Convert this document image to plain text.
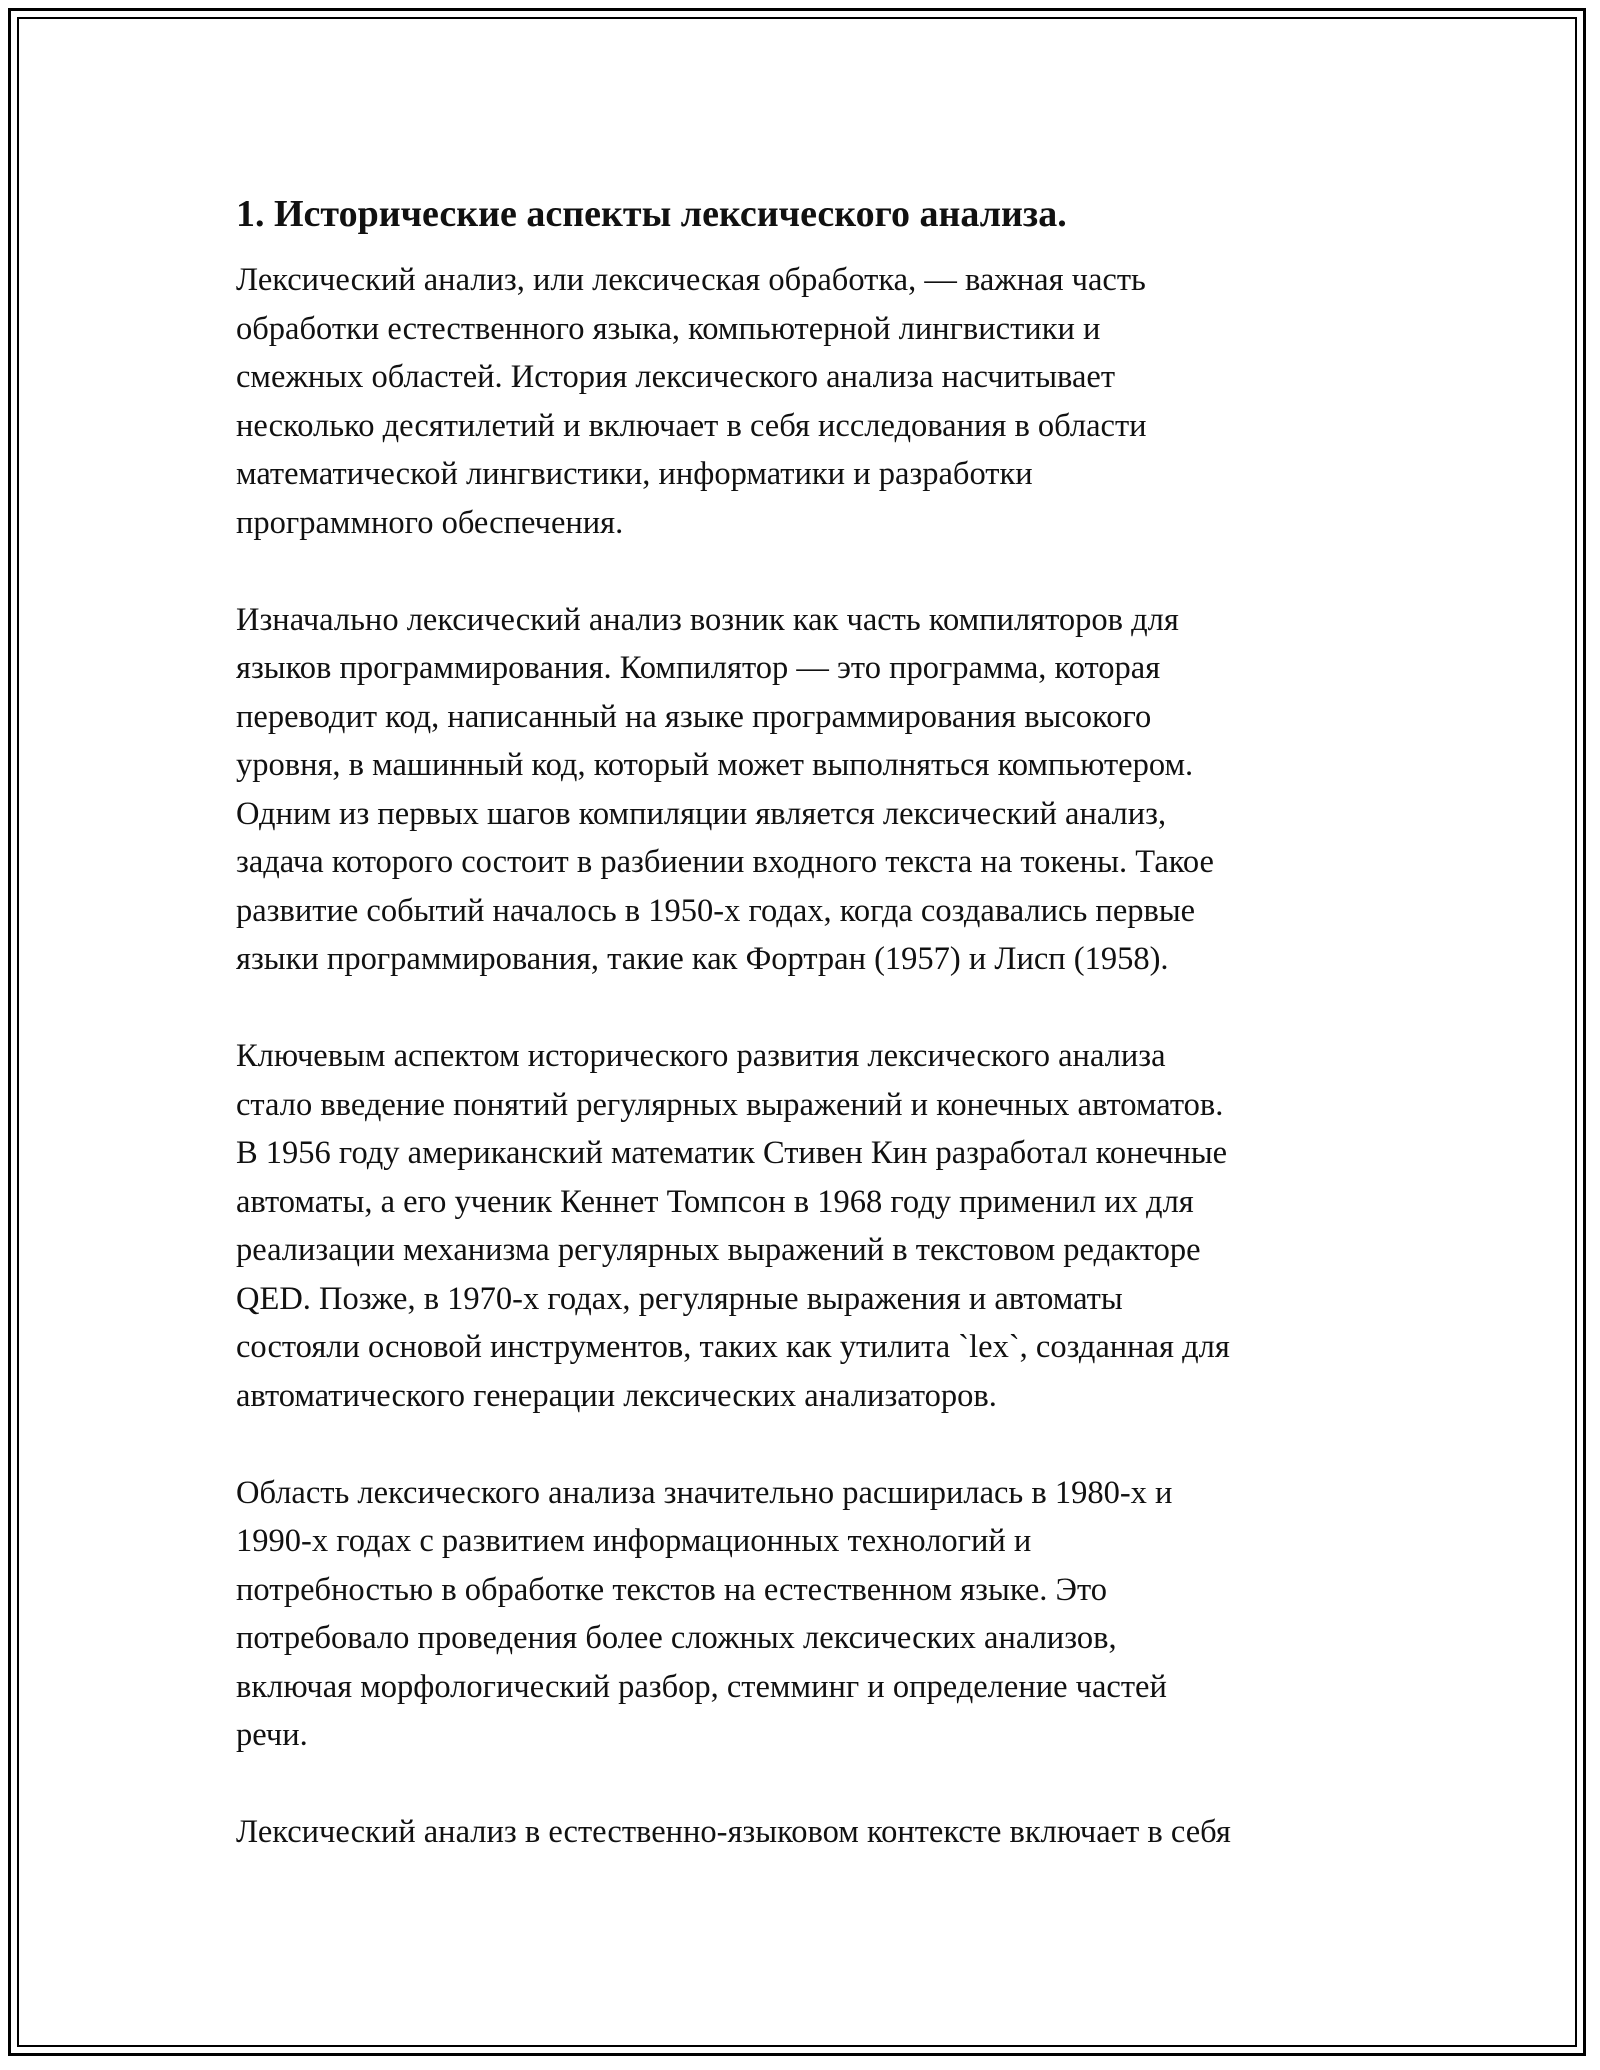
1. Исторические аспекты лексического анализа.

Лексический анализ, или лексическая обработка, — важная часть
обработки естественного языка, компьютерной лингвистики и
смежных областей. История лексического анализа насчитывает
несколько десятилетий и включает в себя исследования в области
математической лингвистики, информатики и разработки
программного обеспечения.

Изначально лексический анализ возник как часть компиляторов для
языков программирования. Компилятор — это программа, которая
переводит код, написанный на языке программирования высокого
уровня, в машинный код, который может выполняться компьютером.
Одним из первых шагов компиляции является лексический анализ,
задача которого состоит в разбиении входного текста на токены. Такое
развитие событий началось в 1950-х годах, когда создавались первые
языки программирования, такие как Фортран (1957) и Лисп (1958).

Ключевым аспектом исторического развития лексического анализа
стало введение понятий регулярных выражений и конечных автоматов.
В 1956 году американский математик Стивен Кин разработал конечные
автоматы, а его ученик Кеннет Томпсон в 1968 году применил их для
реализации механизма регулярных выражений в текстовом редакторе
QED. Позже, в 1970-х годах, регулярные выражения и автоматы
состояли основой инструментов, таких как утилита `lex`, созданная для
автоматического генерации лексических анализаторов.

Область лексического анализа значительно расширилась в 1980-х и
1990-х годах с развитием информационных технологий и
потребностью в обработке текстов на естественном языке. Это
потребовало проведения более сложных лексических анализов,
включая морфологический разбор, стемминг и определение частей
речи.

Лексический анализ в естественно-языковом контексте включает в себя
